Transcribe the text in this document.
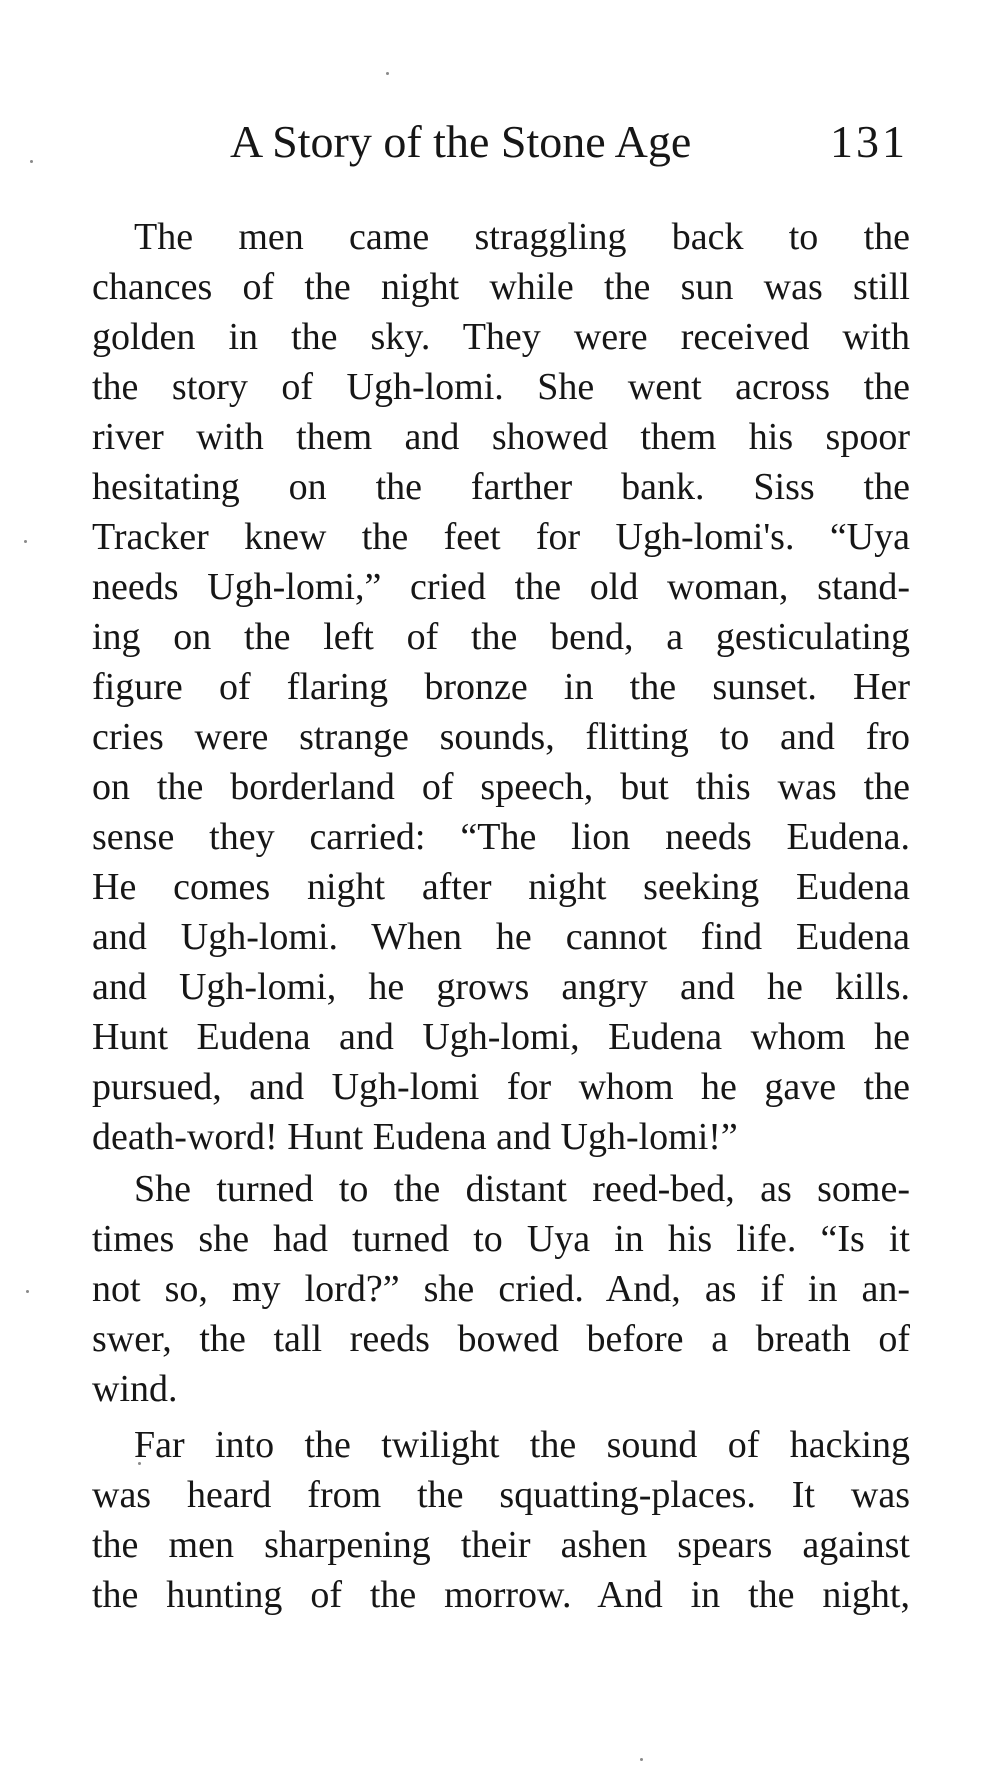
A Story of the Stone Age	131
The men came straggling back to the
chances of the night while the sun was still
golden in the sky. They were received with
the story of Ugh-lomi. She went across the
river with them and showed them his spoor
hesitating on the farther bank. Siss the
Tracker knew the feet for Ugh-lomi's. “Uya
needs Ugh-lomi,” cried the old woman, stand-
ing on the left of the bend, a gesticulating
figure of flaring bronze in the sunset. Her
cries were strange sounds, flitting to and fro
on the borderland of speech, but this was the
sense they carried: “The lion needs Eudena.
He comes night after night seeking Eudena
and Ugh-lomi. When he cannot find Eudena
and Ugh-lomi, he grows angry and he kills.
Hunt Eudena and Ugh-lomi, Eudena whom he
pursued, and Ugh-lomi for whom he gave the
death-word! Hunt Eudena and Ugh-lomi!”
She turned to the distant reed-bed, as some-
times she had turned to Uya in his life. “Is it
not so, my lord?” she cried. And, as if in an-
swer, the tall reeds bowed before a breath of
wind.
Far into the twilight the sound of hacking
was heard from the squatting-places. It was
the men sharpening their ashen spears against
the hunting of the morrow. And in the night,
